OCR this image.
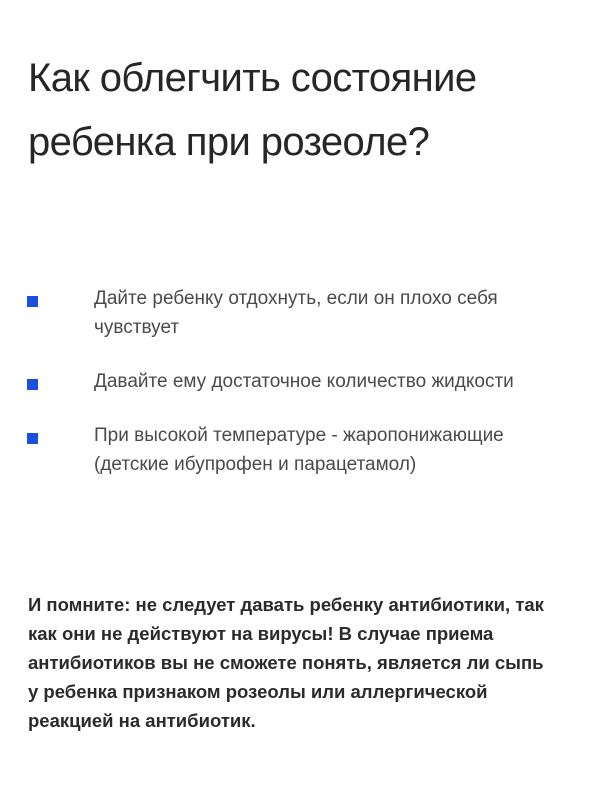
Как облегчить состояние ребенка при розеоле?
Дайте ребенку отдохнуть, если он плохо себя чувствует
Давайте ему достаточное количество жидкости
При высокой температуре - жаропонижающие (детские ибупрофен и парацетамол)

И помните: не следует давать ребенку антибиотики, так как они не действуют на вирусы! В случае приема антибиотиков вы не сможете понять, является ли сыпь у ребенка признаком розеолы или аллергической реакцией на антибиотик.
